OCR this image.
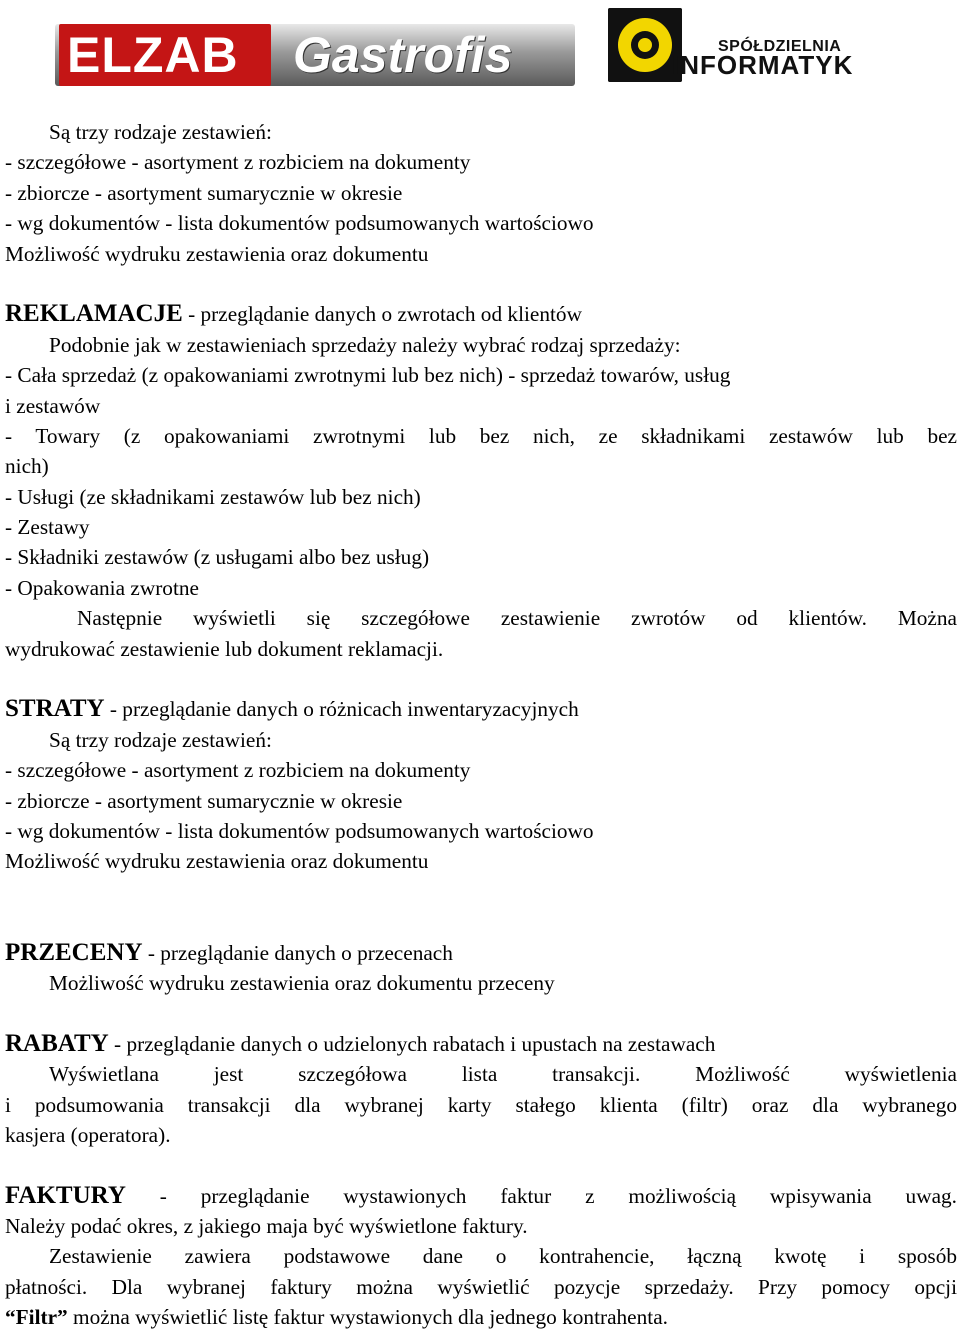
ELZAB	Gastrofis	SPÓŁDZIELNIA
INFORMATYK
Są trzy rodzaje zestawień:
- szczegółowe - asortyment z rozbiciem na dokumenty
- zbiorcze - asortyment sumarycznie w okresie
- wg dokumentów - lista dokumentów podsumowanych wartościowo
Możliwość wydruku zestawienia oraz dokumentu
REKLAMACJE - przeglądanie danych o zwrotach od klientów
Podobnie jak w zestawieniach sprzedaży należy wybrać rodzaj sprzedaży:
- Cała sprzedaż (z opakowaniami zwrotnymi lub bez nich) - sprzedaż towarów, usług
i zestawów
- Towary (z opakowaniami zwrotnymi lub bez nich, ze składnikami zestawów lub bez
nich)
- Usługi (ze składnikami zestawów lub bez nich)
- Zestawy
- Składniki zestawów (z usługami albo bez usług)
- Opakowania zwrotne
Następnie wyświetli się szczegółowe zestawienie zwrotów od klientów. Można
wydrukować zestawienie lub dokument reklamacji.
STRATY - przeglądanie danych o różnicach inwentaryzacyjnych
Są trzy rodzaje zestawień:
- szczegółowe - asortyment z rozbiciem na dokumenty
- zbiorcze - asortyment sumarycznie w okresie
- wg dokumentów - lista dokumentów podsumowanych wartościowo
Możliwość wydruku zestawienia oraz dokumentu
PRZECENY - przeglądanie danych o przecenach
Możliwość wydruku zestawienia oraz dokumentu przeceny
RABATY - przeglądanie danych o udzielonych rabatach i upustach na zestawach
Wyświetlana jest szczegółowa lista transakcji. Możliwość wyświetlenia
i podsumowania transakcji dla wybranej karty stałego klienta (filtr) oraz dla wybranego
kasjera (operatora).
FAKTURY - przeglądanie wystawionych faktur z możliwością wpisywania uwag.
Należy podać okres, z jakiego maja być wyświetlone faktury.
Zestawienie zawiera podstawowe dane o kontrahencie, łączną kwotę i sposób
płatności. Dla wybranej faktury można wyświetlić pozycje sprzedaży. Przy pomocy opcji
“Filtr” można wyświetlić listę faktur wystawionych dla jednego kontrahenta.
